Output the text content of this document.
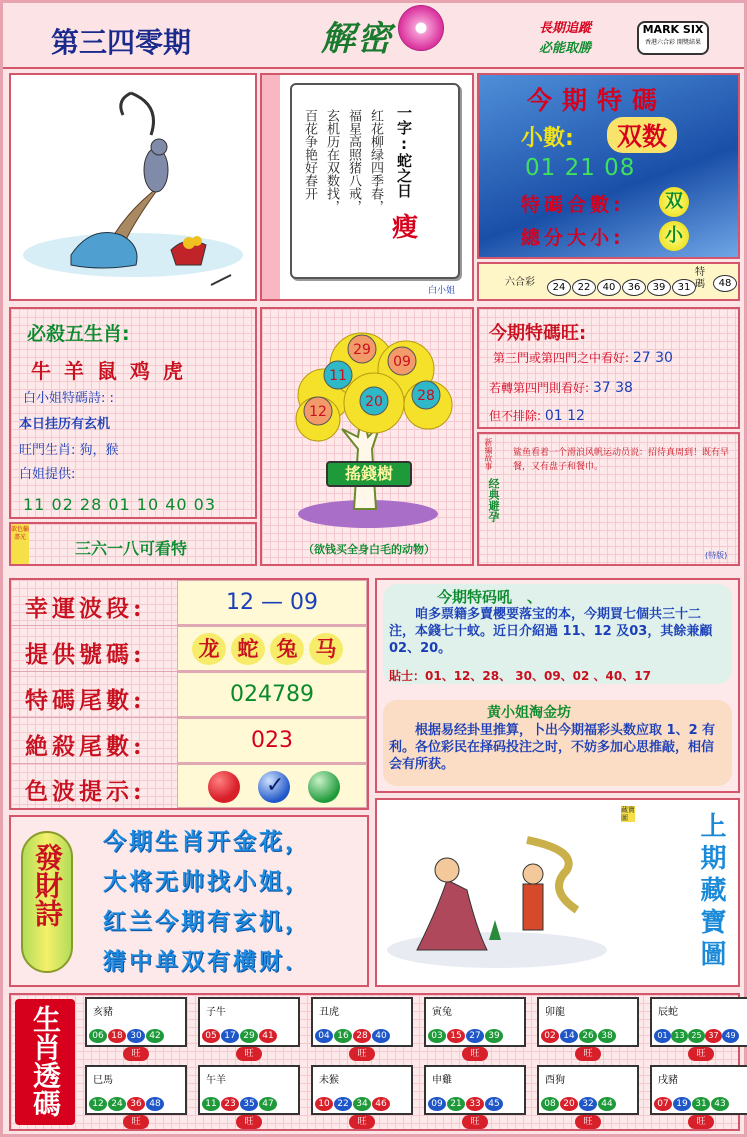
第三四零期	解密	長期追蹤
必能取勝
MARK SIX
香港六合彩 開獎結果
百花争艳好春开 玄机历在双数找， 福星高照猪八戒， 红花柳绿四季春， 一字:蛇之日
瘦
白小姐
今期特碼
小數:	双数
01 21 08
特碼合數:	双
總分大小:	小
六合彩	24 22 40 36 39 31
特碼	48
必殺五生肖:
牛 羊 鼠 鸡 虎
白小姐特碼詩: :
本日挂历有玄机
旺門生肖: 狗，猴
白姐提供:
11 02 28 01 10 40 03
欲色輸盡光
三六一八可看特
29
09
11
28
12
20
搖錢樹
（欲钱买全身白毛的动物）
今期特碼旺:
第三門或第四門之中看好: 27 30
若轉第四門則看好: 37 38
但不排除: 01 12
新編故事
经典避孕
鲨鱼看着一个滑浪风帆运动员说：招待真周到！既有早餐，又有盘子和餐巾。
(特版)
幸運波段:	12 — 09
提供號碼:	龙 蛇 兔 马
特碼尾數:	024789
絶殺尾數:	023
色波提示:	✓
今期特码吼　、
咱多票籍多賣櫻要落宝的本，今期買七個共三十二注，本錢七十蚊。近日介紹過 11、12 及03，其餘兼顧 02、20。
貼士：01、12、28、 30、09、02 、40、17
黄小姐淘金坊
根据易经卦里推算，卜出今期福彩头数应取 1、2 有利。各位彩民在择码投注之时，不妨多加心思推敲，相信会有所获。
發財詩
今期生肖开金花，
大将无帅找小姐，
红兰今期有玄机，
猜中单双有横财．
藏寶圖	上期藏寶圖
生肖透碼	亥豬
06 18 30 42
旺
子牛
05 17 29 41
旺
丑虎
04 16 28 40
旺
寅兔
03 15 27 39
旺
卯龍
02 14 26 38
旺
辰蛇
01 13 25 37 49
旺
巳馬
12 24 36 48
旺
午羊
11 23 35 47
旺
未猴
10 22 34 46
旺
申雞
09 21 33 45
旺
酉狗
08 20 32 44
旺
戌豬
07 19 31 43
旺
